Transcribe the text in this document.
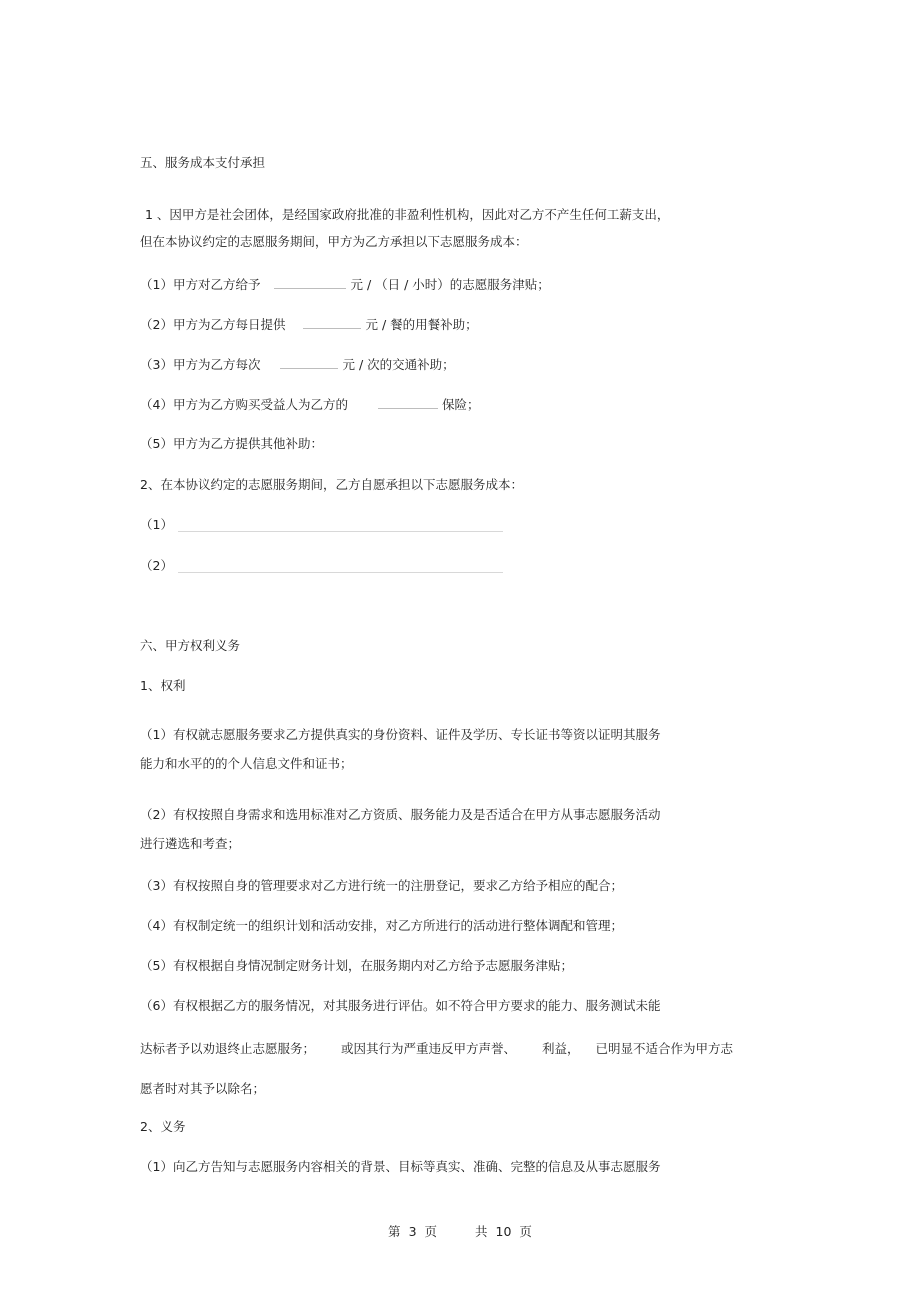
五、服务成本支付承担
1 、因甲方是社会团体，是经国家政府批准的非盈利性机构，因此对乙方不产生任何工薪支出，
但在本协议约定的志愿服务期间，甲方为乙方承担以下志愿服务成本：
（1）甲方对乙方给予	元 / （日 / 小时）的志愿服务津贴；
（2）甲方为乙方每日提供	元 / 餐的用餐补助；
（3）甲方为乙方每次	元 / 次的交通补助；
（4）甲方为乙方购买受益人为乙方的	保险；
（5）甲方为乙方提供其他补助：
2、在本协议约定的志愿服务期间，乙方自愿承担以下志愿服务成本：
（1）
（2）
六、甲方权利义务
1、权利
（1）有权就志愿服务要求乙方提供真实的身份资料、证件及学历、专长证书等资以证明其服务
能力和水平的的个人信息文件和证书；
（2）有权按照自身需求和选用标准对乙方资质、服务能力及是否适合在甲方从事志愿服务活动
进行遴选和考查；
（3）有权按照自身的管理要求对乙方进行统一的注册登记，要求乙方给予相应的配合；
（4）有权制定统一的组织计划和活动安排，对乙方所进行的活动进行整体调配和管理；
（5）有权根据自身情况制定财务计划，在服务期内对乙方给予志愿服务津贴；
（6）有权根据乙方的服务情况，对其服务进行评估。如不符合甲方要求的能力、服务测试未能
达标者予以劝退终止志愿服务； 或因其行为严重违反甲方声誉、 利益， 已明显不适合作为甲方志
愿者时对其予以除名；
2、义务
（1）向乙方告知与志愿服务内容相关的背景、目标等真实、准确、完整的信息及从事志愿服务
第 3 页	共 10 页
